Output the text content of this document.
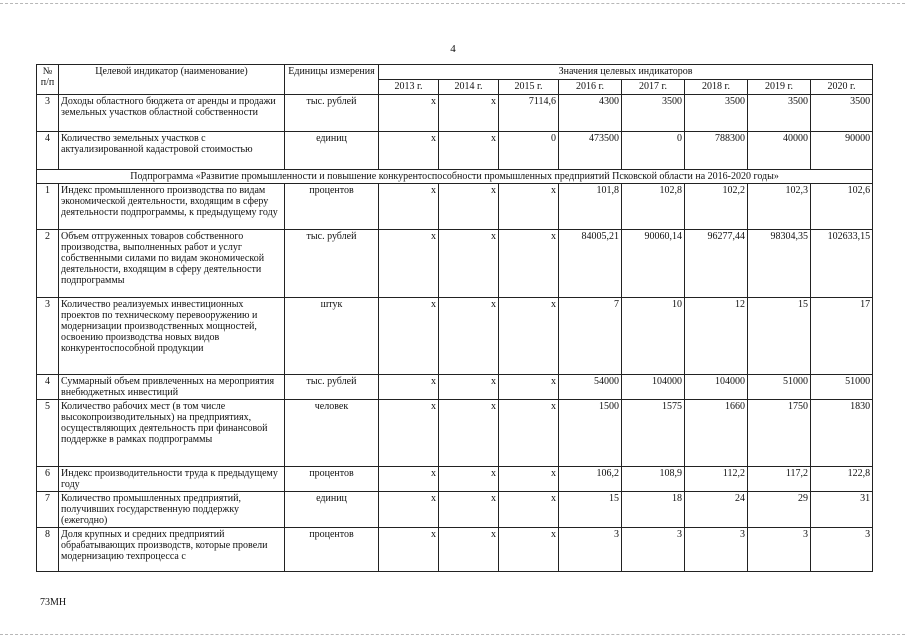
4
№ п/п	Целевой индикатор (наименование)	Единицы измерения	Значения целевых индикаторов							
			2013 г.	2014 г.	2015 г.	2016 г.	2017 г.	2018 г.	2019 г.	2020 г.
3	Доходы областного бюджета от аренды и продажи земельных участков областной собственности	тыс. рублей	х	х	7114,6	4300	3500	3500	3500	3500
4	Количество земельных участков с актуализированной кадастровой стоимостью	единиц	х	х	0	473500	0	788300	40000	90000
Подпрограмма «Развитие промышленности и повышение конкурентоспособности промышленных предприятий Псковской области на 2016-2020 годы»										
1	Индекс промышленного производства по видам экономической деятельности, входящим в сферу деятельности подпрограммы, к предыдущему году	процентов	х	х	х	101,8	102,8	102,2	102,3	102,6
2	Объем отгруженных товаров собственного производства, выполненных работ и услуг собственными силами по видам экономической деятельности, входящим в сферу деятельности подпрограммы	тыс. рублей	х	х	х	84005,21	90060,14	96277,44	98304,35	102633,15
3	Количество реализуемых инвестиционных проектов по техническому перевооружению и модернизации производственных мощностей, освоению производства новых видов конкурентоспособной продукции	штук	х	х	х	7	10	12	15	17
4	Суммарный объем привлеченных на мероприятия внебюджетных инвестиций	тыс. рублей	х	х	х	54000	104000	104000	51000	51000
5	Количество рабочих мест (в том числе высокопроизводительных) на предприятиях, осуществляющих деятельность при финансовой поддержке в рамках подпрограммы	человек	х	х	х	1500	1575	1660	1750	1830
6	Индекс производительности труда к предыдущему году	процентов	х	х	х	106,2	108,9	112,2	117,2	122,8
7	Количество промышленных предприятий, получивших государственную поддержку (ежегодно)	единиц	х	х	х	15	18	24	29	31
8	Доля крупных и средних предприятий обрабатывающих производств, которые провели модернизацию техпроцесса с	процентов	х	х	х	3	3	3	3	3
73МН
